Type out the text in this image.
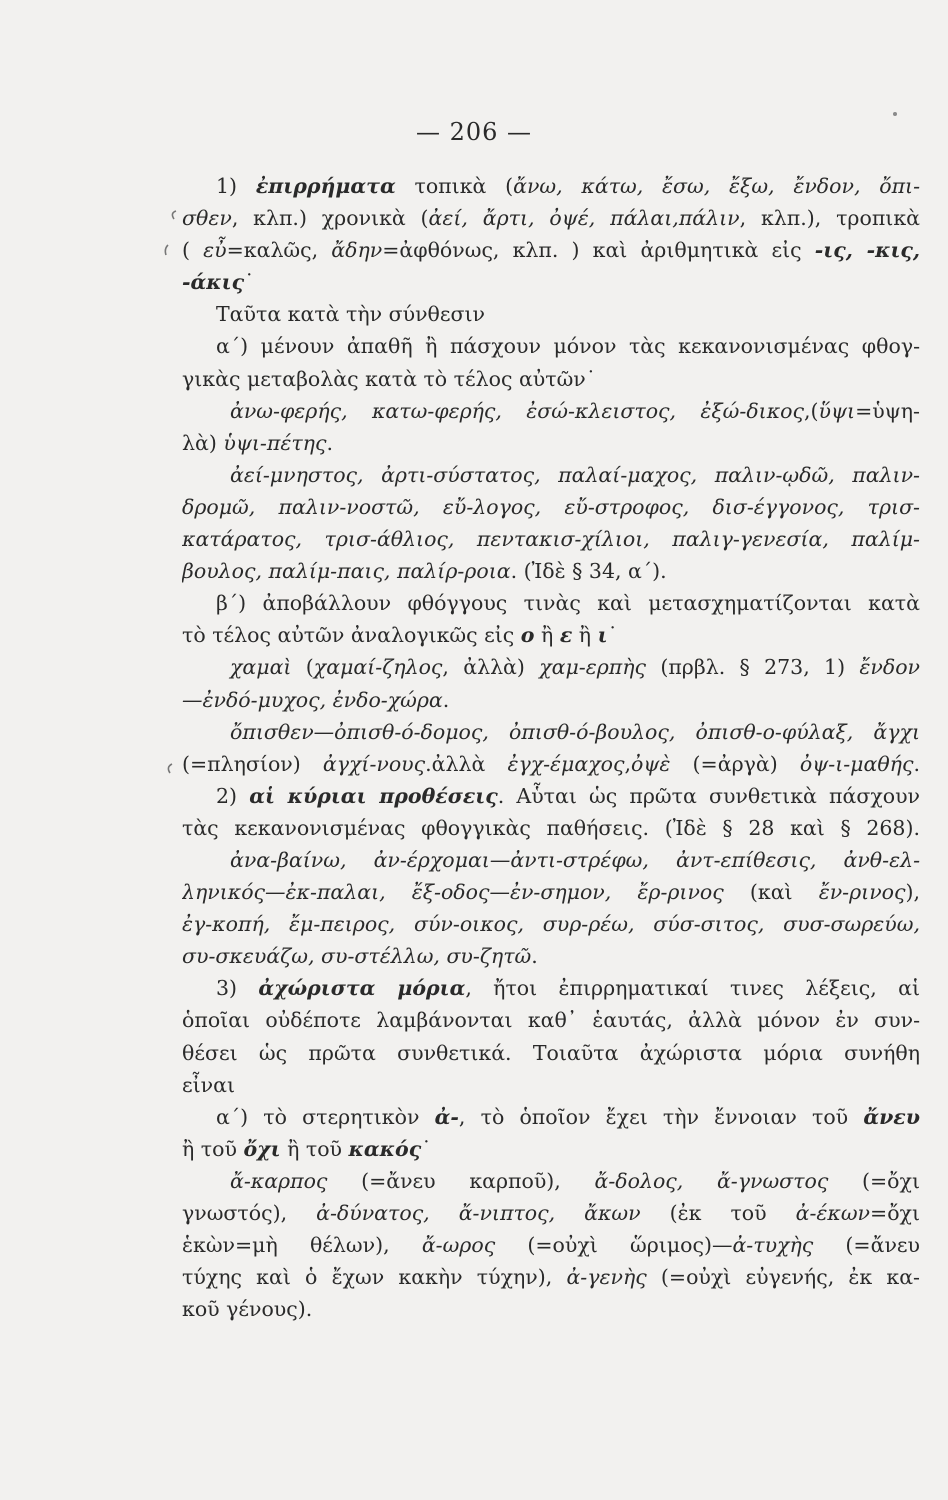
— 206 —
1) ἐπιρρήματα τοπικὰ (ἄνω, κάτω, ἔσω, ἔξω, ἔνδον, ὄπι-
σθεν, κλπ.) χρονικὰ (ἀεί, ἄρτι, ὀψέ, πάλαι,πάλιν, κλπ.), τροπικὰ
( εὖ=καλῶς, ἄδην=ἀφθόνως, κλπ. ) καὶ ἀριθμητικὰ εἰς -ις, -κις,
-άκις˙
Ταῦτα κατὰ τὴν σύνθεσιν
α΄) μένουν ἀπαθῆ ἢ πάσχουν μόνον τὰς κεκανονισμένας φθογ-
γικὰς μεταβολὰς κατὰ τὸ τέλος αὐτῶν˙
ἀνω-φερής, κατω-φερής, ἐσώ-κλειστος, ἐξώ-δικος,(ὕψι=ὑψη-
λὰ) ὑψι-πέτης.
ἀεί-μνηστος, ἀρτι-σύστατος, παλαί-μαχος, παλιν-ῳδῶ, παλιν-
δρομῶ, παλιν-νοστῶ, εὔ-λογος, εὔ-στροφος, δισ-έγγονος, τρισ-
κατάρατος, τρισ-άθλιος, πεντακισ-χίλιοι, παλιγ-γενεσία, παλίμ-
βουλος, παλίμ-παις, παλίρ-ροια. (Ἰδὲ § 34, α΄).
β΄) ἀποβάλλουν φθόγγους τινὰς καὶ μετασχηματίζονται κατὰ
τὸ τέλος αὐτῶν ἀναλογικῶς εἰς ο ἢ ε ἢ ι˙
χαμαὶ (χαμαί-ζηλος, ἀλλὰ) χαμ-ερπὴς (πρβλ. § 273, 1) ἔνδον
—ἐνδό-μυχος, ἐνδο-χώρα.
ὄπισθεν—ὀπισθ-ό-δομος, ὀπισθ-ό-βουλος, ὀπισθ-ο-φύλαξ, ἄγχι
(=πλησίον) ἀγχί-νους.ἀλλὰ ἐγχ-έμαχος,ὀψὲ (=ἀργὰ) ὀψ-ι-μαθής.
2) αἱ κύριαι προθέσεις. Αὗται ὡς πρῶτα συνθετικὰ πάσχουν
τὰς κεκανονισμένας φθογγικὰς παθήσεις. (Ἰδὲ § 28 καὶ § 268).
ἀνα-βαίνω, ἀν-έρχομαι—ἀντι-στρέφω, ἀντ-επίθεσις, ἀνθ-ελ-
ληνικός—ἐκ-παλαι, ἔξ-οδος—ἐν-σημον, ἔρ-ρινος (καὶ ἔν-ρινος),
ἐγ-κοπή, ἔμ-πειρος, σύν-οικος, συρ-ρέω, σύσ-σιτος, συσ-σωρεύω,
συ-σκευάζω, συ-στέλλω, συ-ζητῶ.
3) ἀχώριστα μόρια, ἤτοι ἐπιρρηματικαί τινες λέξεις, αἱ
ὁποῖαι οὐδέποτε λαμβάνονται καθ᾽ ἑαυτάς, ἀλλὰ μόνον ἐν συν-
θέσει ὡς πρῶτα συνθετικά. Τοιαῦτα ἀχώριστα μόρια συνήθη
εἶναι
α΄) τὸ στερητικὸν ἀ-, τὸ ὁποῖον ἔχει τὴν ἔννοιαν τοῦ ἄνευ
ἢ τοῦ ὄχι ἢ τοῦ κακός˙
ἄ-καρπος (=ἄνευ καρποῦ), ἄ-δολος, ἄ-γνωστος (=ὄχι
γνωστός), ἀ-δύνατος, ἄ-νιπτος, ἄκων (ἐκ τοῦ ἀ-έκων=ὄχι
ἑκὼν=μὴ θέλων), ἄ-ωρος (=οὐχὶ ὥριμος)—ἀ-τυχὴς (=ἄνευ
τύχης καὶ ὁ ἔχων κακὴν τύχην), ἀ-γενὴς (=οὐχὶ εὐγενής, ἐκ κα-
κοῦ γένους).
